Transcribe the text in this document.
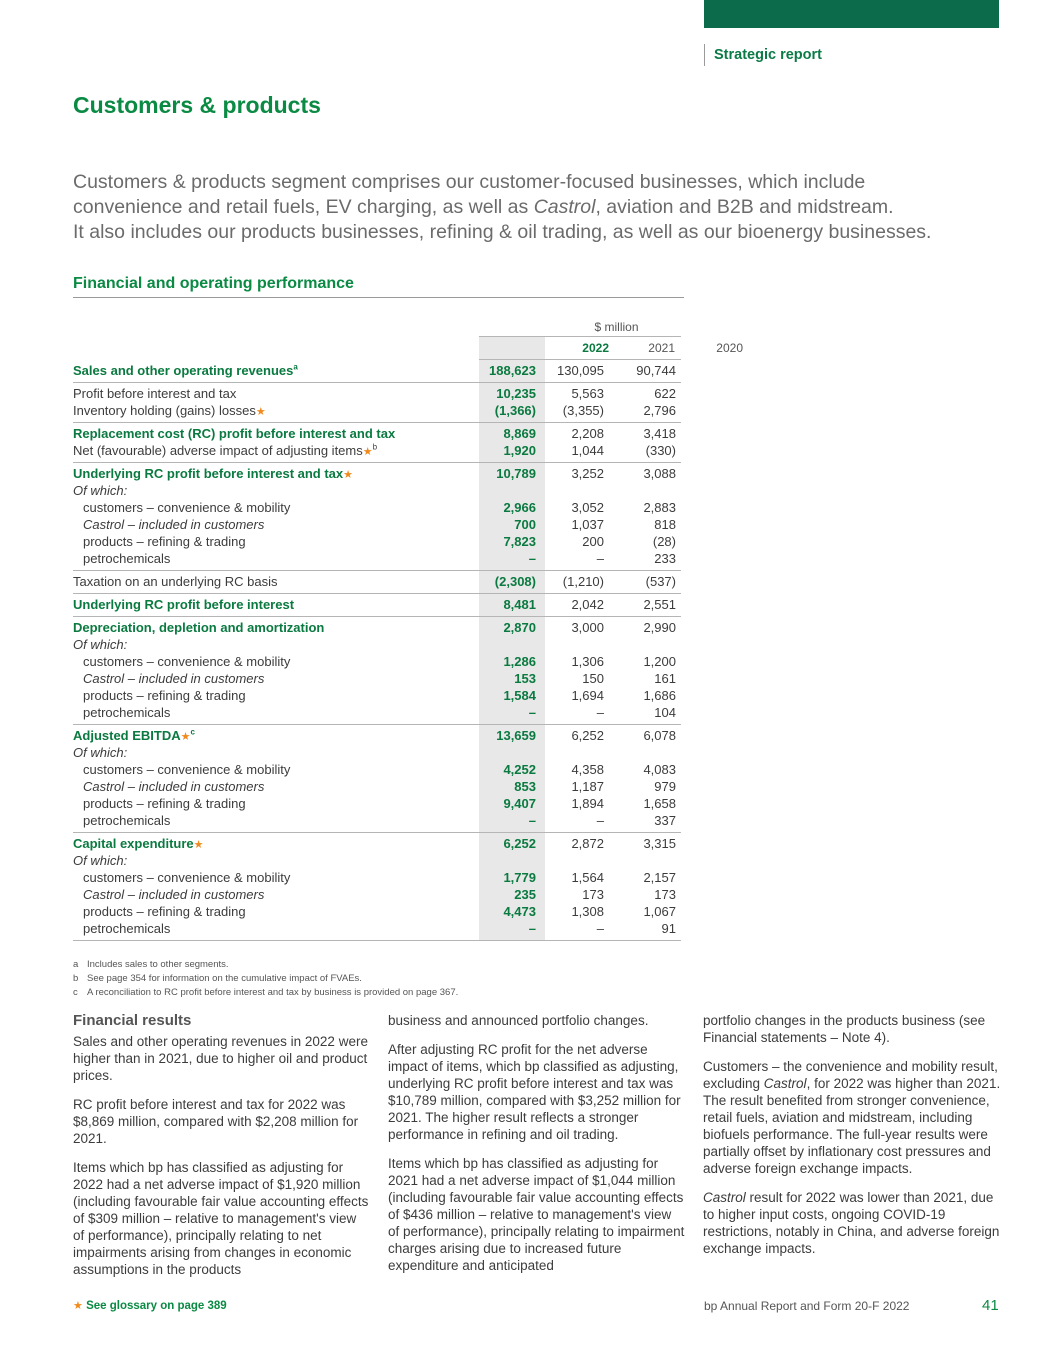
Strategic report
Customers & products

Customers & products segment comprises our customer-focused businesses, which include
convenience and retail fuels, EV charging, as well as Castrol, aviation and B2B and midstream.
It also includes our products businesses, refining & oil trading, as well as our bioenergy businesses.

Financial and operating performance
$ million
2022	2021	2020
Sales and other operating revenues$^a$	188,623	130,095	90,744
Profit before interest and tax	10,235	5,563	622
Inventory holding (gains) losses★	(1,366)	(3,355)	2,796
Replacement cost (RC) profit before interest and tax	8,869	2,208	3,418
Net (favourable) adverse impact of adjusting items★$^b$	1,920	1,044	(330)
Underlying RC profit before interest and tax★	10,789	3,252	3,088
Of which:
customers – convenience & mobility	2,966	3,052	2,883
Castrol – included in customers	700	1,037	818
products – refining & trading	7,823	200	(28)
petrochemicals	–	–	233
Taxation on an underlying RC basis	(2,308)	(1,210)	(537)
Underlying RC profit before interest	8,481	2,042	2,551
Depreciation, depletion and amortization	2,870	3,000	2,990
Of which:
customers – convenience & mobility	1,286	1,306	1,200
Castrol – included in customers	153	150	161
products – refining & trading	1,584	1,694	1,686
petrochemicals	–	–	104
Adjusted EBITDA★$^c$	13,659	6,252	6,078
Of which:
customers – convenience & mobility	4,252	4,358	4,083
Castrol – included in customers	853	1,187	979
products – refining & trading	9,407	1,894	1,658
petrochemicals	–	–	337
Capital expenditure★	6,252	2,872	3,315
Of which:
customers – convenience & mobility	1,779	1,564	2,157
Castrol – included in customers	235	173	173
products – refining & trading	4,473	1,308	1,067
petrochemicals	–	–	91
a Includes sales to other segments.
b See page 354 for information on the cumulative impact of FVAEs.
c A reconciliation to RC profit before interest and tax by business is provided on page 367.
Financial results

Sales and other operating revenues in 2022 were higher than in 2021, due to higher oil and product prices.

RC profit before interest and tax for 2022 was $8,869 million, compared with $2,208 million for 2021.

Items which bp has classified as adjusting for 2022 had a net adverse impact of $1,920 million (including favourable fair value accounting effects of $309 million – relative to management's view of performance), principally relating to net impairments arising from changes in economic assumptions in the products

business and announced portfolio changes.

After adjusting RC profit for the net adverse impact of items, which bp classified as adjusting, underlying RC profit before interest and tax was $10,789 million, compared with $3,252 million for 2021. The higher result reflects a stronger performance in refining and oil trading.

Items which bp has classified as adjusting for 2021 had a net adverse impact of $1,044 million (including favourable fair value accounting effects of $436 million – relative to management's view of performance), principally relating to impairment charges arising due to increased future expenditure and anticipated

portfolio changes in the products business (see Financial statements – Note 4).

Customers – the convenience and mobility result, excluding Castrol, for 2022 was higher than 2021. The result benefited from stronger convenience, retail fuels, aviation and midstream, including biofuels performance. The full-year results were partially offset by inflationary cost pressures and adverse foreign exchange impacts.

Castrol result for 2022 was lower than 2021, due to higher input costs, ongoing COVID-19 restrictions, notably in China, and adverse foreign exchange impacts.

★ See glossary on page 389	bp Annual Report and Form 20-F 2022	41
